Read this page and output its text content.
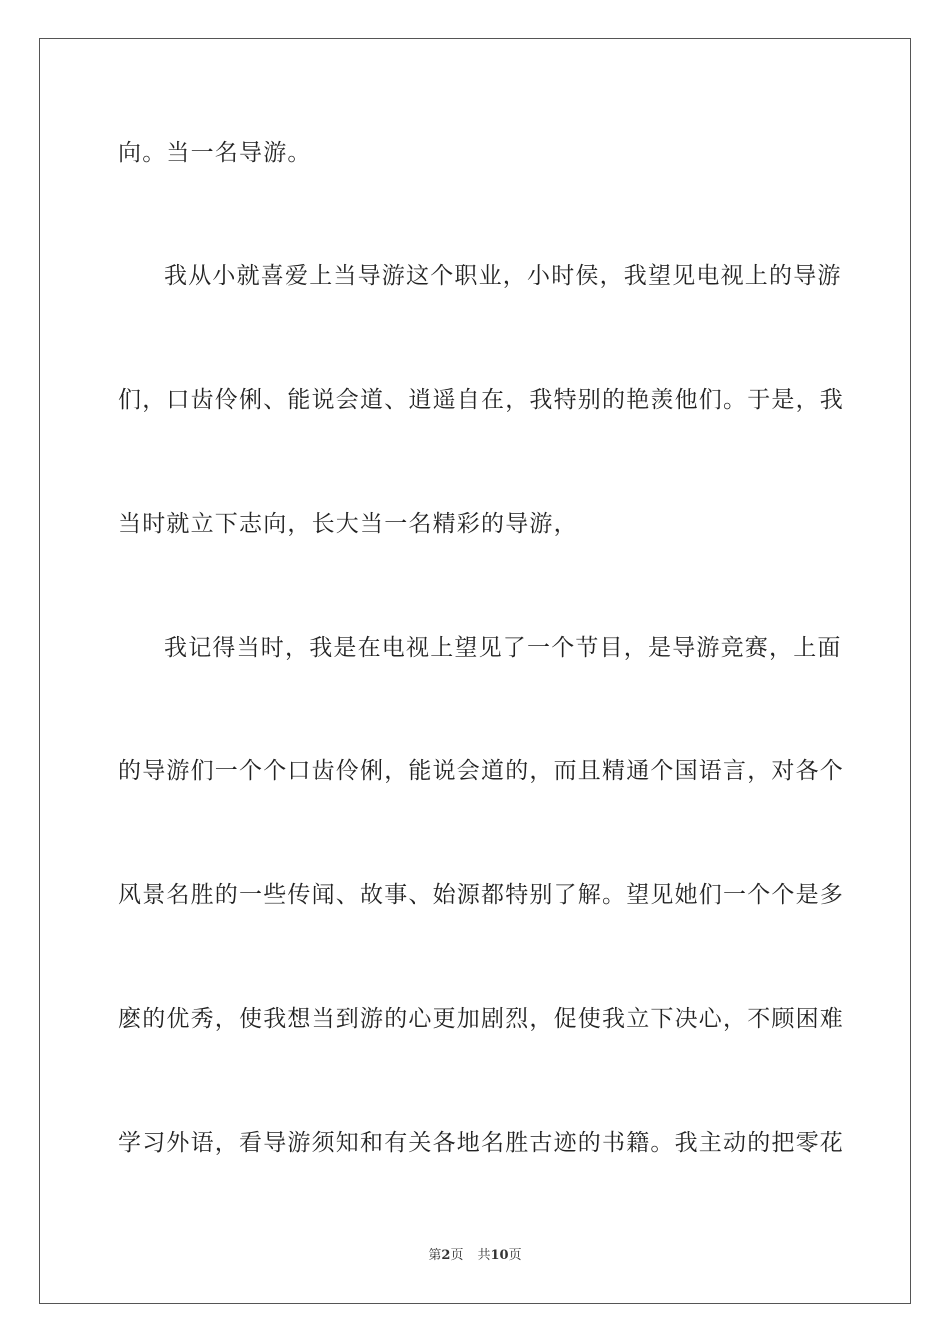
向。当一名导游。
我从小就喜爱上当导游这个职业，小时侯，我望见电视上的导游
们，口齿伶俐、能说会道、逍遥自在，我特别的艳羡他们。于是，我
当时就立下志向，长大当一名精彩的导游，
我记得当时，我是在电视上望见了一个节目，是导游竞赛，上面
的导游们一个个口齿伶俐，能说会道的，而且精通个国语言，对各个
风景名胜的一些传闻、故事、始源都特别了解。望见她们一个个是多
麽的优秀，使我想当到游的心更加剧烈，促使我立下决心，不顾困难
学习外语，看导游须知和有关各地名胜古迹的书籍。我主动的把零花
第2页 共10页
